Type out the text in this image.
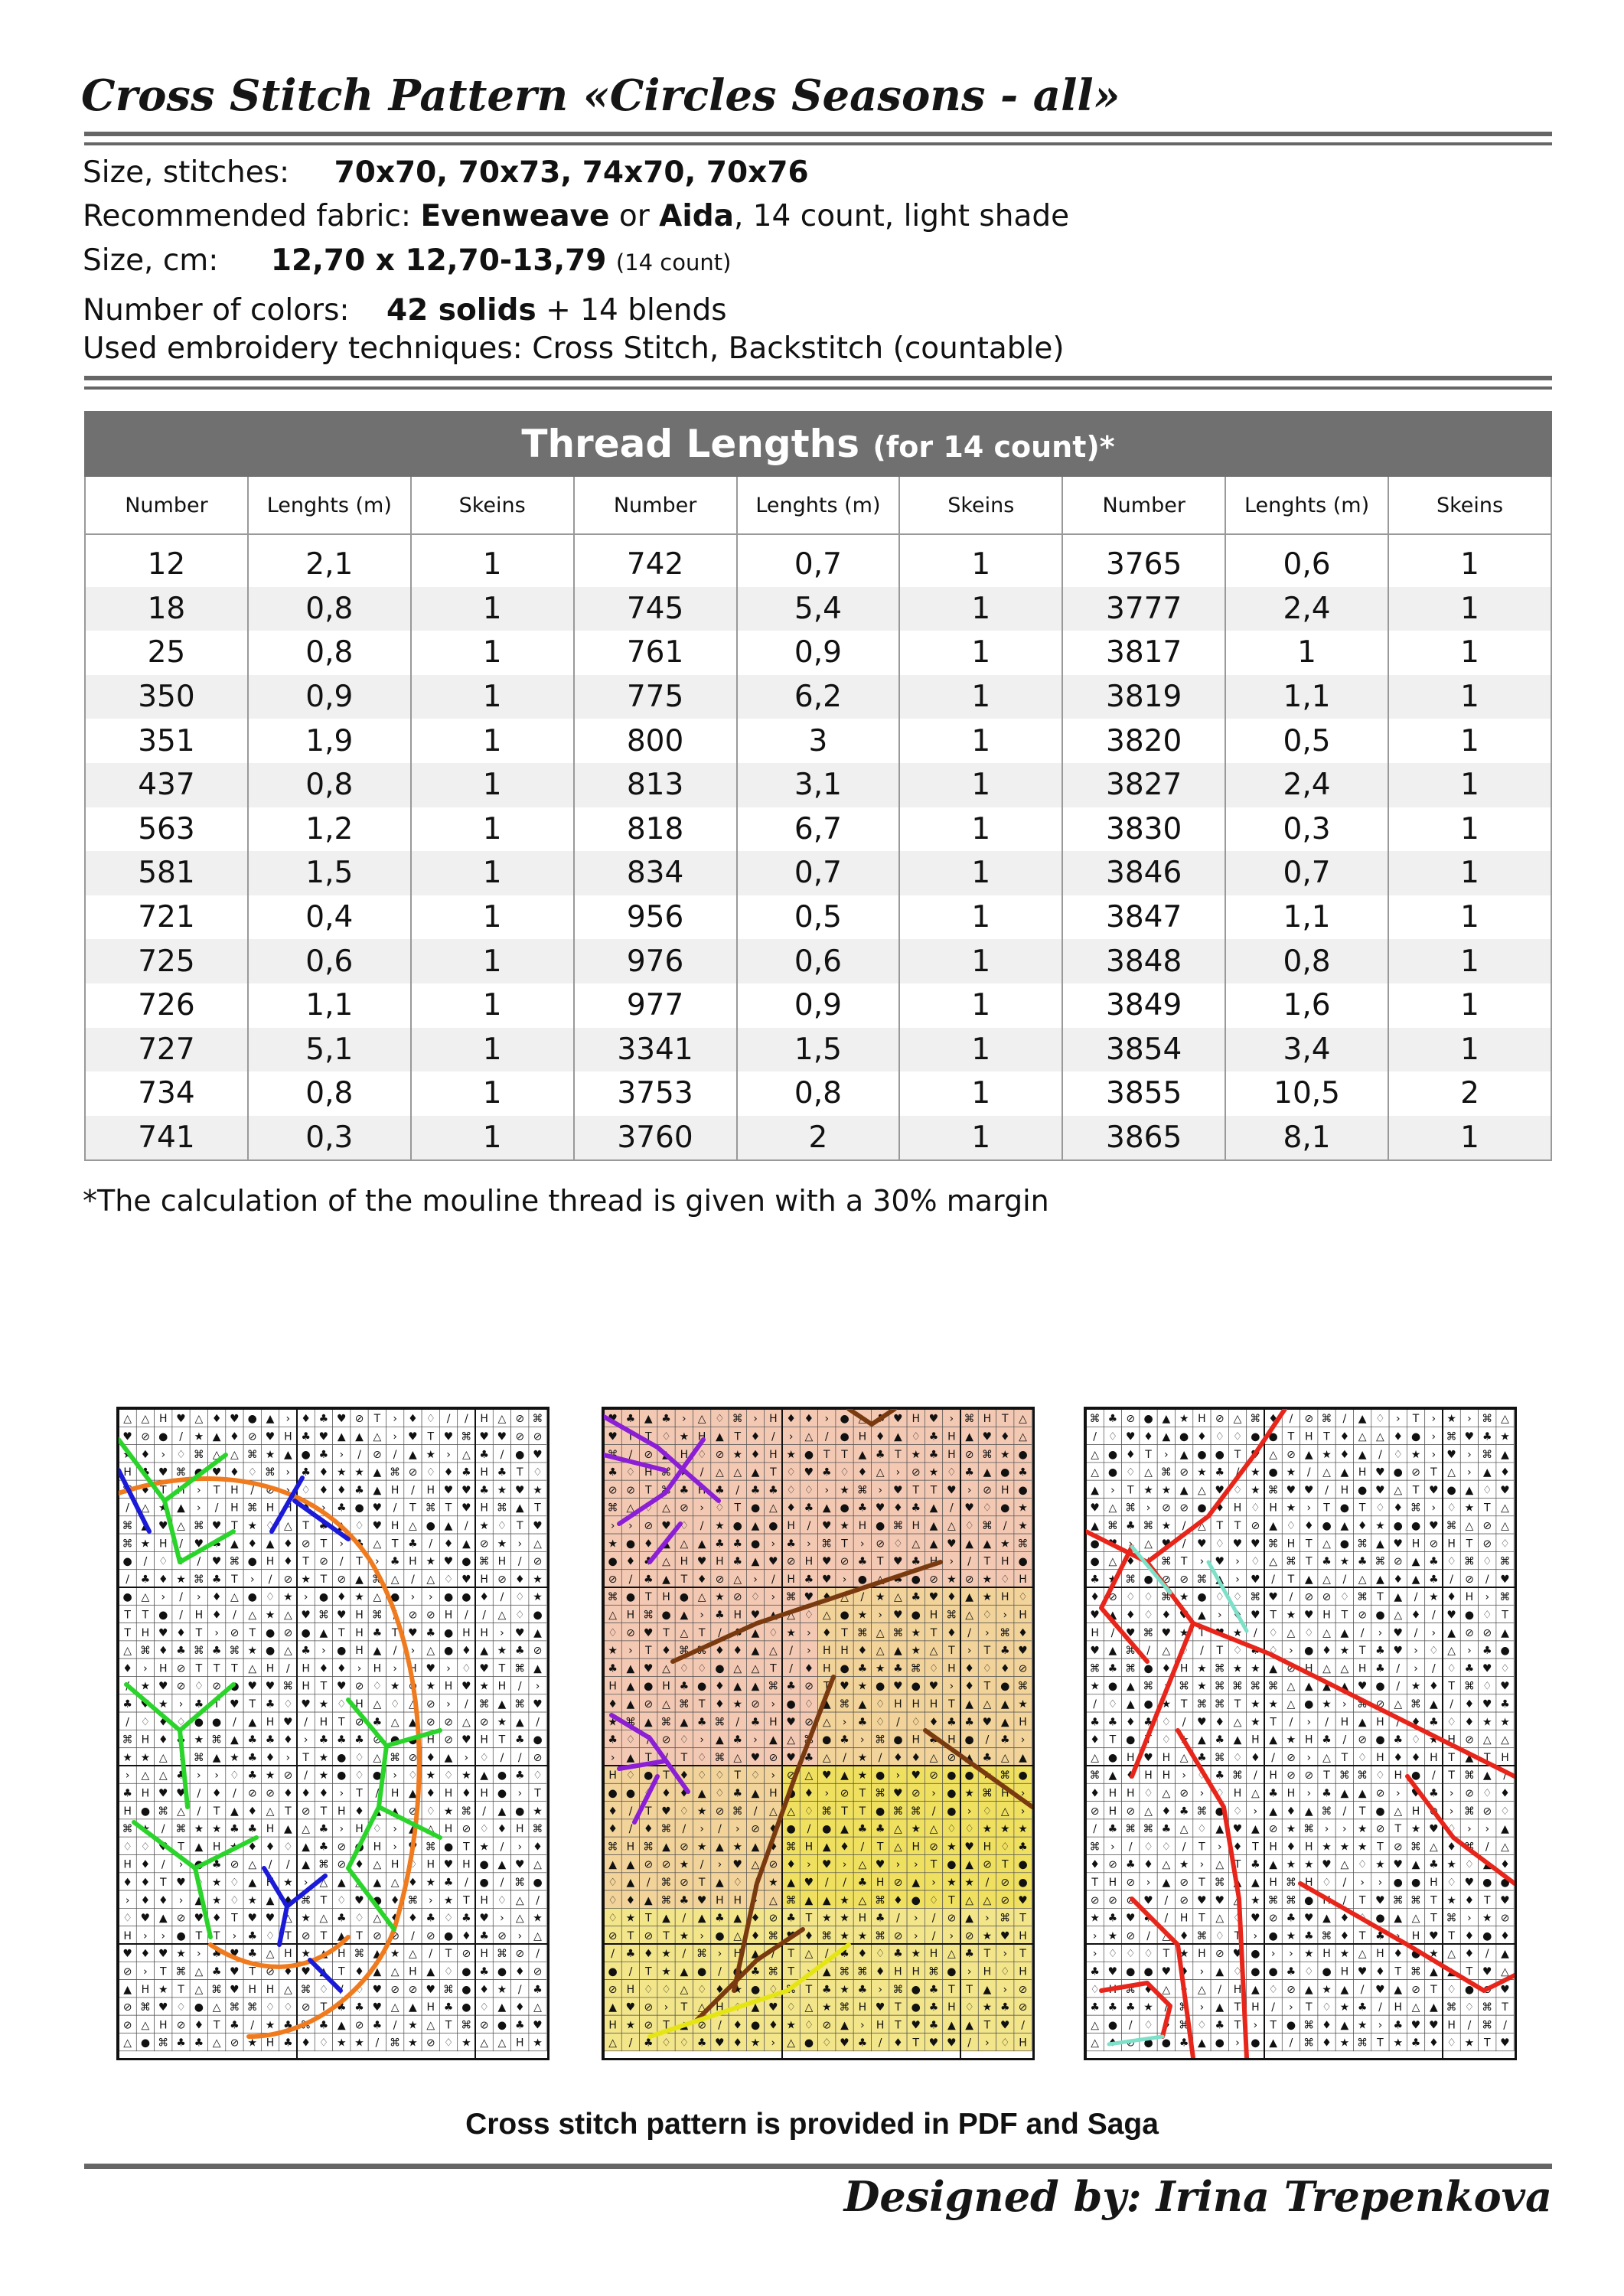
Cross Stitch Pattern «Circles Seasons - all»
Size, stitches: 70x70, 70x73, 74x70, 70x76
Recommended fabric: Evenweave or Aida, 14 count, light shade
Size, cm: 12,70 x 12,70-13,79 (14 count)
Number of colors: 42 solids + 14 blends
Used embroidery techniques: Cross Stitch, Backstitch (countable)
Thread Lengths (for 14 count)*
Number	Lenghts (m)	Skeins	Number	Lenghts (m)	Skeins	Number	Lenghts (m)	Skeins
12	2,1	1	742	0,7	1	3765	0,6	1
18	0,8	1	745	5,4	1	3777	2,4	1
25	0,8	1	761	0,9	1	3817	1	1
350	0,9	1	775	6,2	1	3819	1,1	1
351	1,9	1	800	3	1	3820	0,5	1
437	0,8	1	813	3,1	1	3827	2,4	1
563	1,2	1	818	6,7	1	3830	0,3	1
581	1,5	1	834	0,7	1	3846	0,7	1
721	0,4	1	956	0,5	1	3847	1,1	1
725	0,6	1	976	0,6	1	3848	0,8	1
726	1,1	1	977	0,9	1	3849	1,6	1
727	5,1	1	3341	1,5	1	3854	3,4	1
734	0,8	1	3753	0,8	1	3855	10,5	2
741	0,3	1	3760	2	1	3865	8,1	1
*The calculation of the mouline thread is given with a 30% margin
△ △ H ♥ △ ♦ ♥ ● ▲ › ♦ ♣ ♥ ⊘ T › ♦ ♢ / / H △ ⊘ ⌘
♥ ⊘ ● / ★ ▲ ♦ ⊘ ♥ H ♣ ♥ ▲ ▲ △ › ♥ T ♥ ⌘ ♥ ♥ ⊘ ⊘
★ ♦ › ♢ ⌘ △ △ ⌘ ★ ▲ ● ♣ › / ⊘ / ▲ ★ › △ ♣ / ● ♥
H ♣ ♥ ⌘ ● ♥ ♦ ♢ ⌘ › ♣ ♦ ★ ★ ▲ ⌘ ⊘ ♢ ♦ ♣ H ♣ T ♢
⌘ ♦ T H › T H / ⊘ › ♢ ♦ ♦ ♣ ▲ H / H ♥ ♥ ♣ ★ ♥ ★
/ △ ★ ▲ › / H ⌘ H H ♦ › ♣ ● ♥ / T ⌘ T ♥ H ⌘ ▲ T
⌘ ▲ ♥ △ ⌘ ♥ T ★ ♢ △ T ♣ ▲ ♢ ♥ H △ ● ▲ / ★ ♢ T ♥
⌘ ★ H / ♥ ♣ ▲ ♦ ▲ ♦ ⊘ T › ♣ △ T ♣ / ♦ ▲ ⊘ ★ › △
● / ♢ ♦ / ♥ ⌘ ● H ♦ T ⊘ / T › ♣ H ★ ♥ ● ⌘ H / ⊘
/ ♣ ♦ ★ ⌘ ♣ T › / ⊘ ★ T ⊘ ▲ ⌘ △ / △ ♢ ♥ H ⊘ ♦ ★
● △ › / › ♦ △ ● ♢ ★ › ● ♦ ★ △ ● › › ● ● ♦ / ♢ ★
T T ● / H ♦ / △ ★ △ ♥ ⌘ ♥ H ⌘ / ⊘ ⊘ H / / △ ♢ ●
T H ♥ ♦ T › ⊘ T ● ⊘ ● ▲ T H ♣ T ♥ ♣ ● H H › ♥ ▲
△ ⌘ ♦ ♣ ⌘ ♣ ⌘ ★ ● △ ♣ › ● H ▲ / › △ ● ♦ ▲ ★ ♣ ⊘
♦ › H ⊘ T T T △ H / H ♦ ♦ › H › H ♥ › ♢ ♥ T ⌘ ▲
/ ★ ♥ ⊘ ♢ ⊘ ● ♥ ♥ ⌘ H T ♥ ⊘ ♢ ★ ⊘ ★ H ♥ ★ H / ›
♣ ♥ ★ › ♣ T ♥ T ♣ ♢ ♥ ★ ♢ H △ ♢ △ ⊘ › / ⌘ ▲ ⌘ ♥
/ ♢ ♦ ♢ ● ● / ▲ H ♥ / H T ⊘ ♣ △ ▲ ⊘ ⊘ △ ⊘ ★ ▲ /
⌘ H ♦ ♣ ★ ⌘ ▲ ♣ ♣ ♦ › ♣ ♣ ♣ ⊘ ● ● H ⊘ ♥ H T ♣ ●
★ ★ △ › ⌘ ▲ ★ ♣ ♦ › T ★ ● ♢ △ ⌘ ⊘ ♦ ▲ › ♢ / / ⊘
› △ △ ♣ › › ♢ ♣ ★ ⊘ / ★ ● ♢ ● › ♢ ★ ♢ ★ ▲ ● ♣ ♢
♣ H ♥ ♥ / ♦ / ⊘ ⊘ ♦ ♦ ♦ › T / H ▲ ♦ H ♦ H ● › T
H ● ⌘ △ / T ▲ ♦ △ T ⊘ T H ♦ ▲ ▲ ⊘ ♢ ★ ⌘ / ▲ ● ★
⌘ ★ / ⌘ ★ ★ ♣ ♣ H ▲ △ ♣ › H ♢ › ▲ △ H ⊘ ♢ ♦ H ⌘
♢ ♢ ♥ T ▲ H ★ ♦ ♦ ♢ ▲ ♣ ⊘ ● H › ♥ ⌘ ● T ★ / › ♦
H ♦ / › ● ♣ ⊘ △ / / ▲ ⌘ ⊘ ♦ △ H ♢ H ♥ H ● ▲ ♥ △
♦ ♦ T ♥ ♢ ★ ♢ ▲ H ★ › △ ▲ △ ▲ △ ♦ ★ ♣ / ● / ⌘ ●
› ♦ ♦ › ▲ ★ ♢ ★ ▲ ♦ ⌘ T ♢ ♥ ● ♦ ⌘ › ★ T H ♢ △ /
♢ ♥ ▲ ⊘ ♥ ♦ T ♥ ♥ △ ★ △ ♣ ♢ △ ♦ ♦ ♣ ♢ ♣ ♥ › △ ★
H › › ● T T › ♣ ♢ T ⊘ T ▲ T ⊘ ⊘ / ⊘ ● ♦ ♣ ⊘ › △
♥ ♦ ♥ ★ › ♣ ♥ ♣ △ H ★ ▲ H ⌘ ▲ ★ △ / T ⊘ H ⌘ ⊘ /
⊘ › T ⌘ △ ♣ ♥ T ⊘ ♦ ♥ ▲ T ♦ ▲ △ H ▲ ♢ ● ♣ ● ♦ ⊘
▲ H ★ T △ ⌘ ♥ H H △ ⌘ ♢ / ♢ ♥ ⊘ ⊘ ♥ ⌘ ● ♦ ★ / ♣
⊘ ⌘ ♥ ♢ ● △ ⌘ ⌘ ♢ ♢ ⊘ T ♣ ♣ ♥ △ ▲ H ♣ ● ♢ ▲ ♦ △
⊘ △ H ⊘ ♦ T ♣ / ★ ♣ ⌘ ♣ ▲ ⊘ ♣ / ★ △ T ⌘ ⊘ ● ♣ ♥
△ ● ⌘ ♣ ♣ △ ⊘ ★ H ♣ ♦ ♢ ★ ★ / ⌘ ★ ⊘ ♢ ★ △ △ H ★
♥ ♣ ▲ ♣ › △ ♢ ⌘ › H ♦ ♦ › ● △ ♣ ♥ H ♥ › ⌘ H T △
♥ T T ♢ ★ H ▲ T ♦ / › △ / ● H ♦ ▲ ♢ ♣ H ▲ ♥ ♦ △
⌘ / ⊘ ▲ H ♢ ⊘ ★ ♦ H ★ ● T T ▲ ♣ T ★ ♣ H ⊘ ⌘ ★ ●
♣ ♢ H ⌘ ★ / △ △ ▲ T ♢ ♥ ♣ ♢ ♦ △ › ⊘ ★ ♢ ♣ ▲ ● ♣
⊘ ⊘ T ⌘ ♣ H ♣ / ♣ ♣ ♢ ♢ › ★ ⌘ › ♥ T T ♥ › ⊘ H ●
⌘ △ ♢ △ ⊘ › ♢ T ● △ ♦ ♣ ▲ ● ♣ ♥ ♦ ♣ ▲ / ♥ ♢ ● ★
› › ⊘ ♥ ♢ / ★ ● ▲ ● H / ♥ ★ H ● ⌘ H ▲ △ ♢ ⌘ / ★
★ ● ♦ ▲ △ ▲ ♣ ♣ ● › ♣ › ⌘ T › ⊘ ♢ △ ▲ ♥ ▲ ▲ ★ ⌘
● ♦ ♣ △ H ♥ H ♣ ▲ ♥ ⊘ H ♥ ⊘ ♣ T ♥ ♣ H › / T H ●
⊘ / ♣ ▲ T ♦ ⊘ △ › / H ♣ ♥ › ● △ ♣ ● ⊘ ★ ⊘ ★ ♢ H
⌘ ● T H ● △ ★ ⊘ ♢ › ⌘ ♥ ♦ △ / ★ △ ♣ ♥ ♦ ▲ ★ H ♢
△ H ⌘ ● ▲ › ♣ H ♥ ▲ △ ♢ △ ● ★ › ♥ ● H ⌘ △ ♢ › H
♢ ⊘ ♥ T △ T / ♣ ▲ ♢ ★ › ♦ T ⌘ △ ⌘ ★ T ♦ / › ⌘ ♦
★ › T ♦ ⌘ ⌘ ♦ ♦ ▲ △ / › H H ♦ △ ▲ ★ △ T › T ♣ ♥
♣ ▲ ♥ △ ♢ ♢ ● △ △ T / ♦ H ● ♣ ★ ♣ ⌘ ♢ H ♦ ♢ ♦ ⊘
H ▲ ● H ♣ ● ♦ ▲ ▲ ⌘ ♣ ⊘ T ♥ ★ ● ♥ ● ♥ › ♦ T ● ⌘
♦ ▲ ⊘ △ ⌘ T ♦ ★ ⊘ › ● ♢ ▲ ⌘ ▲ ♢ H H H T ▲ △ ▲ ★
★ ⌘ ▲ ⌘ ▲ ♣ ⌘ / ♣ H ♥ ⊘ △ › ♣ ♢ / ♢ ♦ ♣ ♣ ♥ ▲ H
♣ ♢ / ⊘ ♢ › ▲ ♣ › ▲ △ ⌘ ● ♣ › ⌘ ● H ♣ H ● / ♣ ›
› ▲ T / T ♢ ⌘ △ ♥ ⊘ ♥ ♣ △ / ★ / ♦ ♦ △ ⊘ ▲ ♣ △ ▲
H ♢ ● T ♦ ♢ ♢ T ♢ › ⊘ △ ♥ ▲ ★ ● › ♥ ⊘ ● ● ★ ⌘ ●
● ● ♢ ♦ ♦ ▲ ♢ ♣ ▲ H ● ♦ › ⊘ T ⌘ ♥ ⊘ › ● ★ ⌘ H ›
♦ / T ♥ ♢ ★ ⊘ ⌘ / △ △ ♢ ⌘ T T ● ⌘ ⌘ / ● › ♢ △ ›
♦ / ♦ ⌘ / › / › ⊘ ♦ ● / ● ▲ ♣ ♣ △ ★ △ ♢ ♢ ★ ★ ★
⌘ H ⌘ ▲ ⊘ ★ ▲ ★ ▲ ♦ ⌘ H ▲ ♦ / T △ H ⊘ ★ ♥ H ♢ ♣
▲ ▲ ⊘ ⊘ ★ / › ♥ △ ⊘ ♦ › ♥ › △ ♥ › › T ● ▲ ⊘ T ●
♢ ▲ / ⌘ ⊘ T ▲ ♢ / ★ ▲ ♥ / / ♣ H ⊘ ▲ › ★ ★ / ⊘ ●
♢ ♦ ▲ ⌘ ♣ ♥ H H › △ ⌘ ▲ ▲ ★ △ ⌘ ♦ ● ♢ T △ △ ⊘ ♥
♢ ★ T ▲ / ▲ ♣ ▲ ♦ ⊘ ♣ T ★ ★ H ♣ / › / ⊘ ▲ › ⌘ T
⊘ T ⊘ T ★ › ● △ ♦ ⌘ ♥ ♦ ⌘ ★ ★ ⌘ ⊘ › / › ⊘ ★ ♥ H
/ ♣ ♦ ★ / ⌘ › H ▲ / T △ / ♣ ♦ ♢ ♣ ★ H △ ♣ T › T
● / T ★ ▲ ● / ● ♣ ⌘ T › ▲ ⌘ ⌘ ♦ H H ⌘ ● › H ♢ H
⊘ H ♢ ♢ △ ♢ ♦ ★ ● ♢ ⌘ T ♣ ★ ♣ › ⌘ ● ♣ T T ▲ › ⊘
▲ ♥ ⊘ › T △ H ♢ ▲ ♥ ♢ △ ★ ⌘ H ♥ T ● ♣ H ♢ ★ ♣ ⊘
H ★ ⊘ T ▲ ⊘ / ♦ ● ♦ ★ ♢ ⊘ ▲ › H T ♥ ♣ ▲ ▲ T ♥ /
△ / ♣ ♢ ♢ ♣ ♥ ♦ ★ › △ ● ♢ ♥ ♣ / ♦ T ♥ ♥ / › ♢ H
⌘ ♣ ⊘ ● ▲ ★ H ⊘ △ ⌘ ♦ / ⊘ ⌘ / ▲ ♢ › T › ★ › ⌘ △
/ ♢ ♥ ♦ ▲ ● ♦ ♢ ♢ ● ● T H T ♦ △ △ ♦ ● › ⌘ ♥ ♣ ★
△ ● ♦ T › ▲ ● ● T ♥ △ ⊘ ▲ ★ ♦ ▲ / ♢ ★ › ♥ › ⌘ ▲
△ ● ♢ △ ⌘ ⊘ ★ ♣ / ★ ● ★ / △ ▲ H ♥ ● ⊘ T △ › ▲ ♦
▲ › T ★ ★ ▲ △ ♥ ♢ ★ ⌘ ♥ ♥ / H ● ♥ △ T ♥ ● ▲ ♢ ♥
♥ △ ⌘ › ⊘ ⊘ ● ♦ H ♢ H ★ › T ● T ♢ ♦ ⌘ › ♢ ★ T △
▲ ⌘ ♣ ⌘ ★ / △ T T ⊘ ▲ ♢ ♦ ● ▲ ♦ ★ ● ● ♥ ⌘ △ ⊘ △
● ♥ › △ ♥ / ♥ ♢ ♥ ♥ ⌘ H T △ ● ⌘ ▲ ♥ H ⊘ H T ⊘ ♢
● △ ♦ ★ ⌘ T › ♥ › ♢ △ ⌘ T ♣ ★ ♣ ⌘ ⊘ ▲ ♣ ♢ ⌘ ♢ ⌘
♣ ★ ⌘ ● ⊘ ⊘ ⌘ ▲ › ♥ / T ▲ △ / △ ▲ ♦ ▲ ♣ / ⊘ / ♥
♦ ⊘ ♢ ♢ ⌘ ★ ● ♢ ♢ ⌘ ♥ / ⊘ ⊘ ♢ ⌘ T ▲ / ★ ♦ H › ⌘
♥ ▲ ♦ ♢ ♦ ♥ ▲ › ♦ ♥ T ★ ♥ H T ⊘ ● △ ♦ / ♥ ● ♢ T
H / ♥ ⌘ ♥ ★ T ♥ ★ / ♢ △ ♢ △ ▲ / › ♥ / › ▲ ⊘ ⊘ ▲
♥ ▲ ⌘ / △ ♢ / T ♢ ♣ ♢ › ● ♦ ★ T ♣ ♥ › ♢ △ › ♣ ●
⌘ ♣ ⌘ ● ♦ H ★ ⌘ ★ ★ ▲ ⊘ H △ △ H ♣ / › / ♢ ♣ ♥ ♢
★ ● ▲ ⌘ › ⌘ ★ ⌘ ⌘ ⌘ ⌘ △ ▲ ▲ ▲ ♥ ● / ★ ♦ T ⌘ ♢ ♥
/ ♢ ▲ ● ★ T ⌘ ⌘ T ★ ★ △ ● ★ › ⌘ ⊘ △ ⌘ ▲ / ♦ ♥ ♣
♣ ♣ ♦ ♣ ♢ / ♥ ♦ △ ★ T / › / H ▲ H / ♦ ♣ ♢ ♦ ★ ★
♦ T ● T ♢ ★ ▲ ♣ ▲ H ▲ ★ H ♣ / ⊘ ● ♣ ♢ ★ H ⊘ △ △
△ ● H ♥ H △ ♣ ⌘ ♢ ♦ / ⊘ › △ T ♢ H ♦ ♦ H T ▲ T H
⌘ ▲ ♦ H H › ♢ ♣ ⌘ / H ⊘ ⊘ T ⌘ ⌘ ♢ H ● / T ⌘ ▲ /
♦ H H ♢ △ ⊘ › ♢ H △ ♣ H › ♣ ▲ ▲ ⊘ › ♥ ♣ › ⊘ ♢ ♦
⊘ H ⊘ △ ♦ ♣ ⌘ ● ♢ › ▲ ♦ ▲ ⌘ / T ● △ H ⊘ › ⌘ ⊘ ♢
/ ♣ ⌘ ⌘ ♣ △ ♢ ▲ ♥ ▲ ⊘ ★ ⌘ › › ★ ⊘ T ★ ♥ ♢ › › ▲
⌘ › / ♢ ♢ / T › ♦ T H ♦ H ★ ★ ★ T ⊘ ⌘ △ ♦ ⌘ / △
♦ ⊘ ♣ ♦ △ ★ › △ T ♣ ▲ ★ ★ ♥ △ ♢ ★ ♥ ▲ ♣ ★ ♢ ▲ ♦
T H ⊘ › ▲ ⊘ T ⌘ ▲ ▲ H ⌘ H ♢ / › › ● ● H ♢ ♥ ● ●
⊘ ⊘ ⊘ ♥ / ⊘ ♥ ♥ △ ★ ⌘ ⌘ ● H / T ♥ ⌘ ⌘ T ★ ♦ T ♥
★ ♣ ♥ ♣ / H T △ ♢ ♥ ⊘ ♣ ♥ ▲ ♦ ♢ ● ▲ △ T ⌘ › ★ ⊘
› ★ ⊘ / △ ♦ ⌘ ♢ T › ● ★ ♣ ⌘ ♦ T ♣ › H ♥ T ♦ ● ♦
› ♢ ♢ ♢ T ★ H ⊘ ♥ ● › › ★ H ★ △ H ♦ ● ★ △ ♦ / ▲
♣ ♥ ● ● ♥ ♦ › ▲ ♢ ● ● ♣ ♢ ● H ♥ ♦ T ⌘ ▲ ▲ T ♥ △
♢ H ⌘ ♦ △ ♢ △ / H ▲ ♢ ⊘ ▲ ★ ▲ / ♥ ▲ ⊘ T ♢ ● ⊘ ♥
♣ ♣ ♣ ★ / ⌘ › ▲ T H / › T ♢ ★ ♣ / H △ ▲ ⌘ ♢ ⌘ T
△ ● / ♢ ♦ ⌘ ♢ ♣ T › T ● ⌘ ♦ ▲ ★ › ♣ ♥ ♥ H / ⌘ /
△ ♦ ⊘ ● ● ♣ ▲ ● › ● ▲ / ⌘ ♦ ★ ⌘ T ★ ♣ ♦ ♢ ★ T ♥
Cross stitch pattern is provided in PDF and Saga
Designed by: Irina Trepenkova
